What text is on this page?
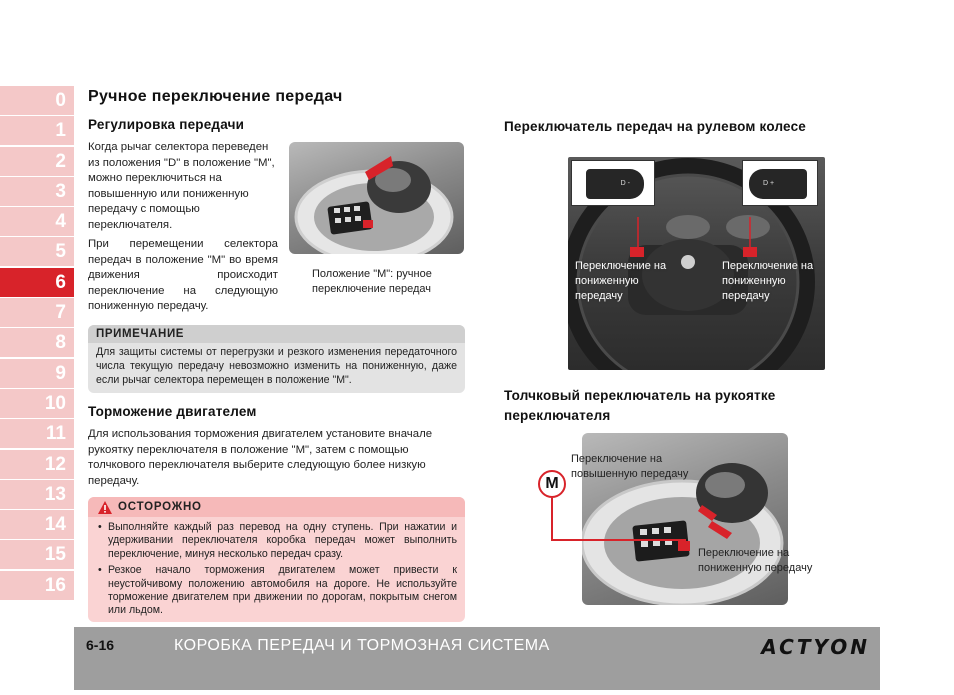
0
1
2
3
4
5
6
7
8
9
10
11
12
13
14
15
16
Ручное переключение передач
Регулировка передачи
Когда рычаг селектора переведен из положения "D" в положение "M", можно переключиться на повышенную или пониженную передачу с помощью переключателя.
При перемещении селектора передач в положение "M" во время движения происходит переключение на следующую пониженную передачу.
Положение "M": ручное переключение передач
ПРИМЕЧАНИЕ
Для защиты системы от перегрузки и резкого изменения передаточного числа текущую передачу невозможно изменить на пониженную, даже если рычаг селектора перемещен в положение "M".
Торможение двигателем
Для использования торможения двигателем установите вначале рукоятку переключателя в положение "M", затем с помощью толчкового переключателя выберите следующую более низкую передачу.
ОСТОРОЖНО
• Выполняйте каждый раз перевод на одну ступень. При нажатии и удерживании переключателя коробка передач может выполнить переключение, минуя несколько передач сразу.
• Резкое начало торможения двигателем может привести к неустойчивому положению автомобиля на дороге. Не используйте торможение двигателем при движении по дорогам, покрытым снегом или льдом.
Переключатель передач на рулевом колесе
D -	D +
Переключение на пониженную передачу
Переключение на пониженную передачу
Толчковый переключатель на рукоятке переключателя
M
Переключение на повышенную передачу
Переключение на пониженную передачу
6-16	КОРОБКА ПЕРЕДАЧ И ТОРМОЗНАЯ СИСТЕМА	ACTYON
